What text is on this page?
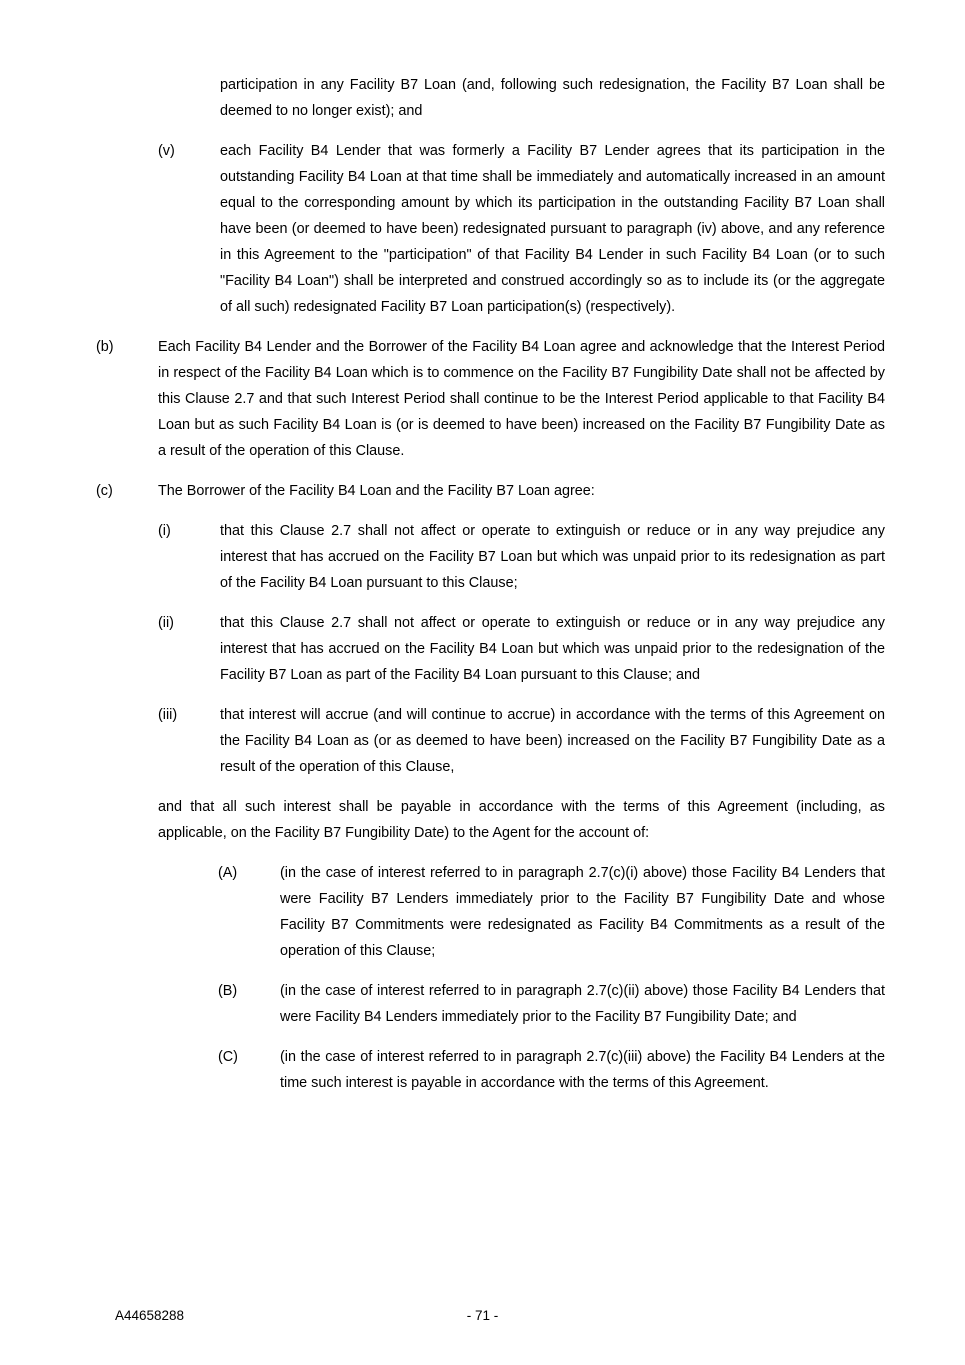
participation in any Facility B7 Loan (and, following such redesignation, the Facility B7 Loan shall be deemed to no longer exist); and
(v)	each Facility B4 Lender that was formerly a Facility B7 Lender agrees that its participation in the outstanding Facility B4 Loan at that time shall be immediately and automatically increased in an amount equal to the corresponding amount by which its participation in the outstanding Facility B7 Loan shall have been (or deemed to have been) redesignated pursuant to paragraph (iv) above, and any reference in this Agreement to the "participation" of that Facility B4 Lender in such Facility B4 Loan (or to such "Facility B4 Loan") shall be interpreted and construed accordingly so as to include its (or the aggregate of all such) redesignated Facility B7 Loan participation(s) (respectively).
(b)	Each Facility B4 Lender and the Borrower of the Facility B4 Loan agree and acknowledge that the Interest Period in respect of the Facility B4 Loan which is to commence on the Facility B7 Fungibility Date shall not be affected by this Clause 2.7 and that such Interest Period shall continue to be the Interest Period applicable to that Facility B4 Loan but as such Facility B4 Loan is (or is deemed to have been) increased on the Facility B7 Fungibility Date as a result of the operation of this Clause.
(c)	The Borrower of the Facility B4 Loan and the Facility B7 Loan agree:
(i)	that this Clause 2.7 shall not affect or operate to extinguish or reduce or in any way prejudice any interest that has accrued on the Facility B7 Loan but which was unpaid prior to its redesignation as part of the Facility B4 Loan pursuant to this Clause;
(ii)	that this Clause 2.7 shall not affect or operate to extinguish or reduce or in any way prejudice any interest that has accrued on the Facility B4 Loan but which was unpaid prior to the redesignation of the Facility B7 Loan as part of the Facility B4 Loan pursuant to this Clause; and
(iii)	that interest will accrue (and will continue to accrue) in accordance with the terms of this Agreement on the Facility B4 Loan as (or as deemed to have been) increased on the Facility B7 Fungibility Date as a result of the operation of this Clause,
and that all such interest shall be payable in accordance with the terms of this Agreement (including, as applicable, on the Facility B7 Fungibility Date) to the Agent for the account of:
(A)	(in the case of interest referred to in paragraph 2.7(c)(i) above) those Facility B4 Lenders that were Facility B7 Lenders immediately prior to the Facility B7 Fungibility Date and whose Facility B7 Commitments were redesignated as Facility B4 Commitments as a result of the operation of this Clause;
(B)	(in the case of interest referred to in paragraph 2.7(c)(ii) above) those Facility B4 Lenders that were Facility B4 Lenders immediately prior to the Facility B7 Fungibility Date; and
(C)	(in the case of interest referred to in paragraph 2.7(c)(iii) above) the Facility B4 Lenders at the time such interest is payable in accordance with the terms of this Agreement.
A44658288	- 71 -
